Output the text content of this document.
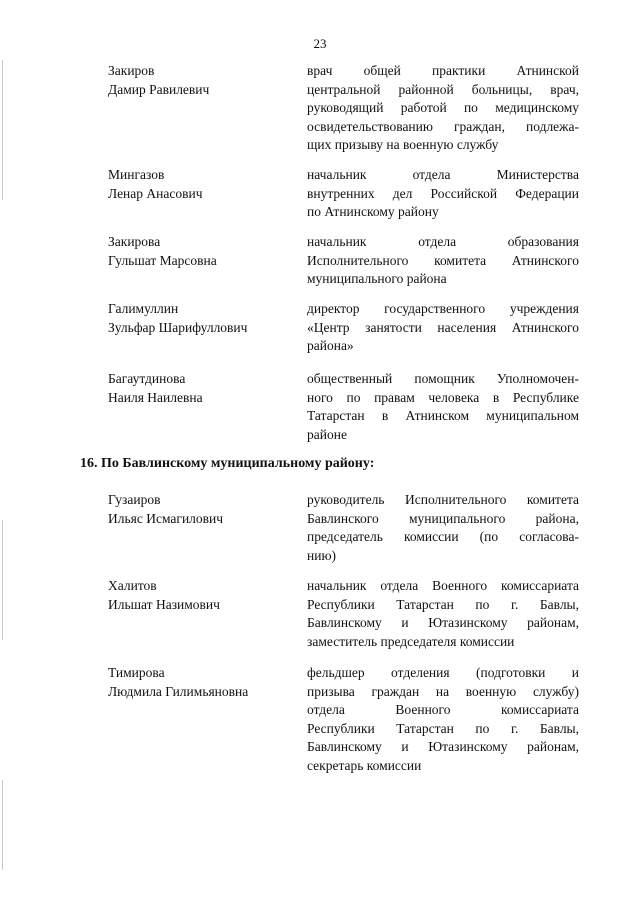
23
Закиров
Дамир Равилевич
врач общей практики Атнинской
центральной районной больницы, врач,
руководящий работой по медицинскому
освидетельствованию граждан, подлежа-
щих призыву на военную службу
Мингазов
Ленар Анасович
начальник отдела Министерства
внутренних дел Российской Федерации
по Атнинскому району
Закирова
Гульшат Марсовна
начальник отдела образования
Исполнительного комитета Атнинского
муниципального района
Галимуллин
Зульфар Шарифуллович
директор государственного учреждения
«Центр занятости населения Атнинского
района»
Багаутдинова
Наиля Наилевна
общественный помощник Уполномочен-
ного по правам человека в Республике
Татарстан в Атнинском муниципальном
районе
16. По Бавлинскому муниципальному району:
Гузаиров
Ильяс Исмагилович
руководитель Исполнительного комитета
Бавлинского муниципального района,
председатель комиссии (по согласова-
нию)
Халитов
Ильшат Назимович
начальник отдела Военного комиссариата
Республики Татарстан по г. Бавлы,
Бавлинскому и Ютазинскому районам,
заместитель председателя комиссии
Тимирова
Людмила Гилимьяновна
фельдшер отделения (подготовки и
призыва граждан на военную службу)
отдела Военного комиссариата
Республики Татарстан по г. Бавлы,
Бавлинскому и Ютазинскому районам,
секретарь комиссии
